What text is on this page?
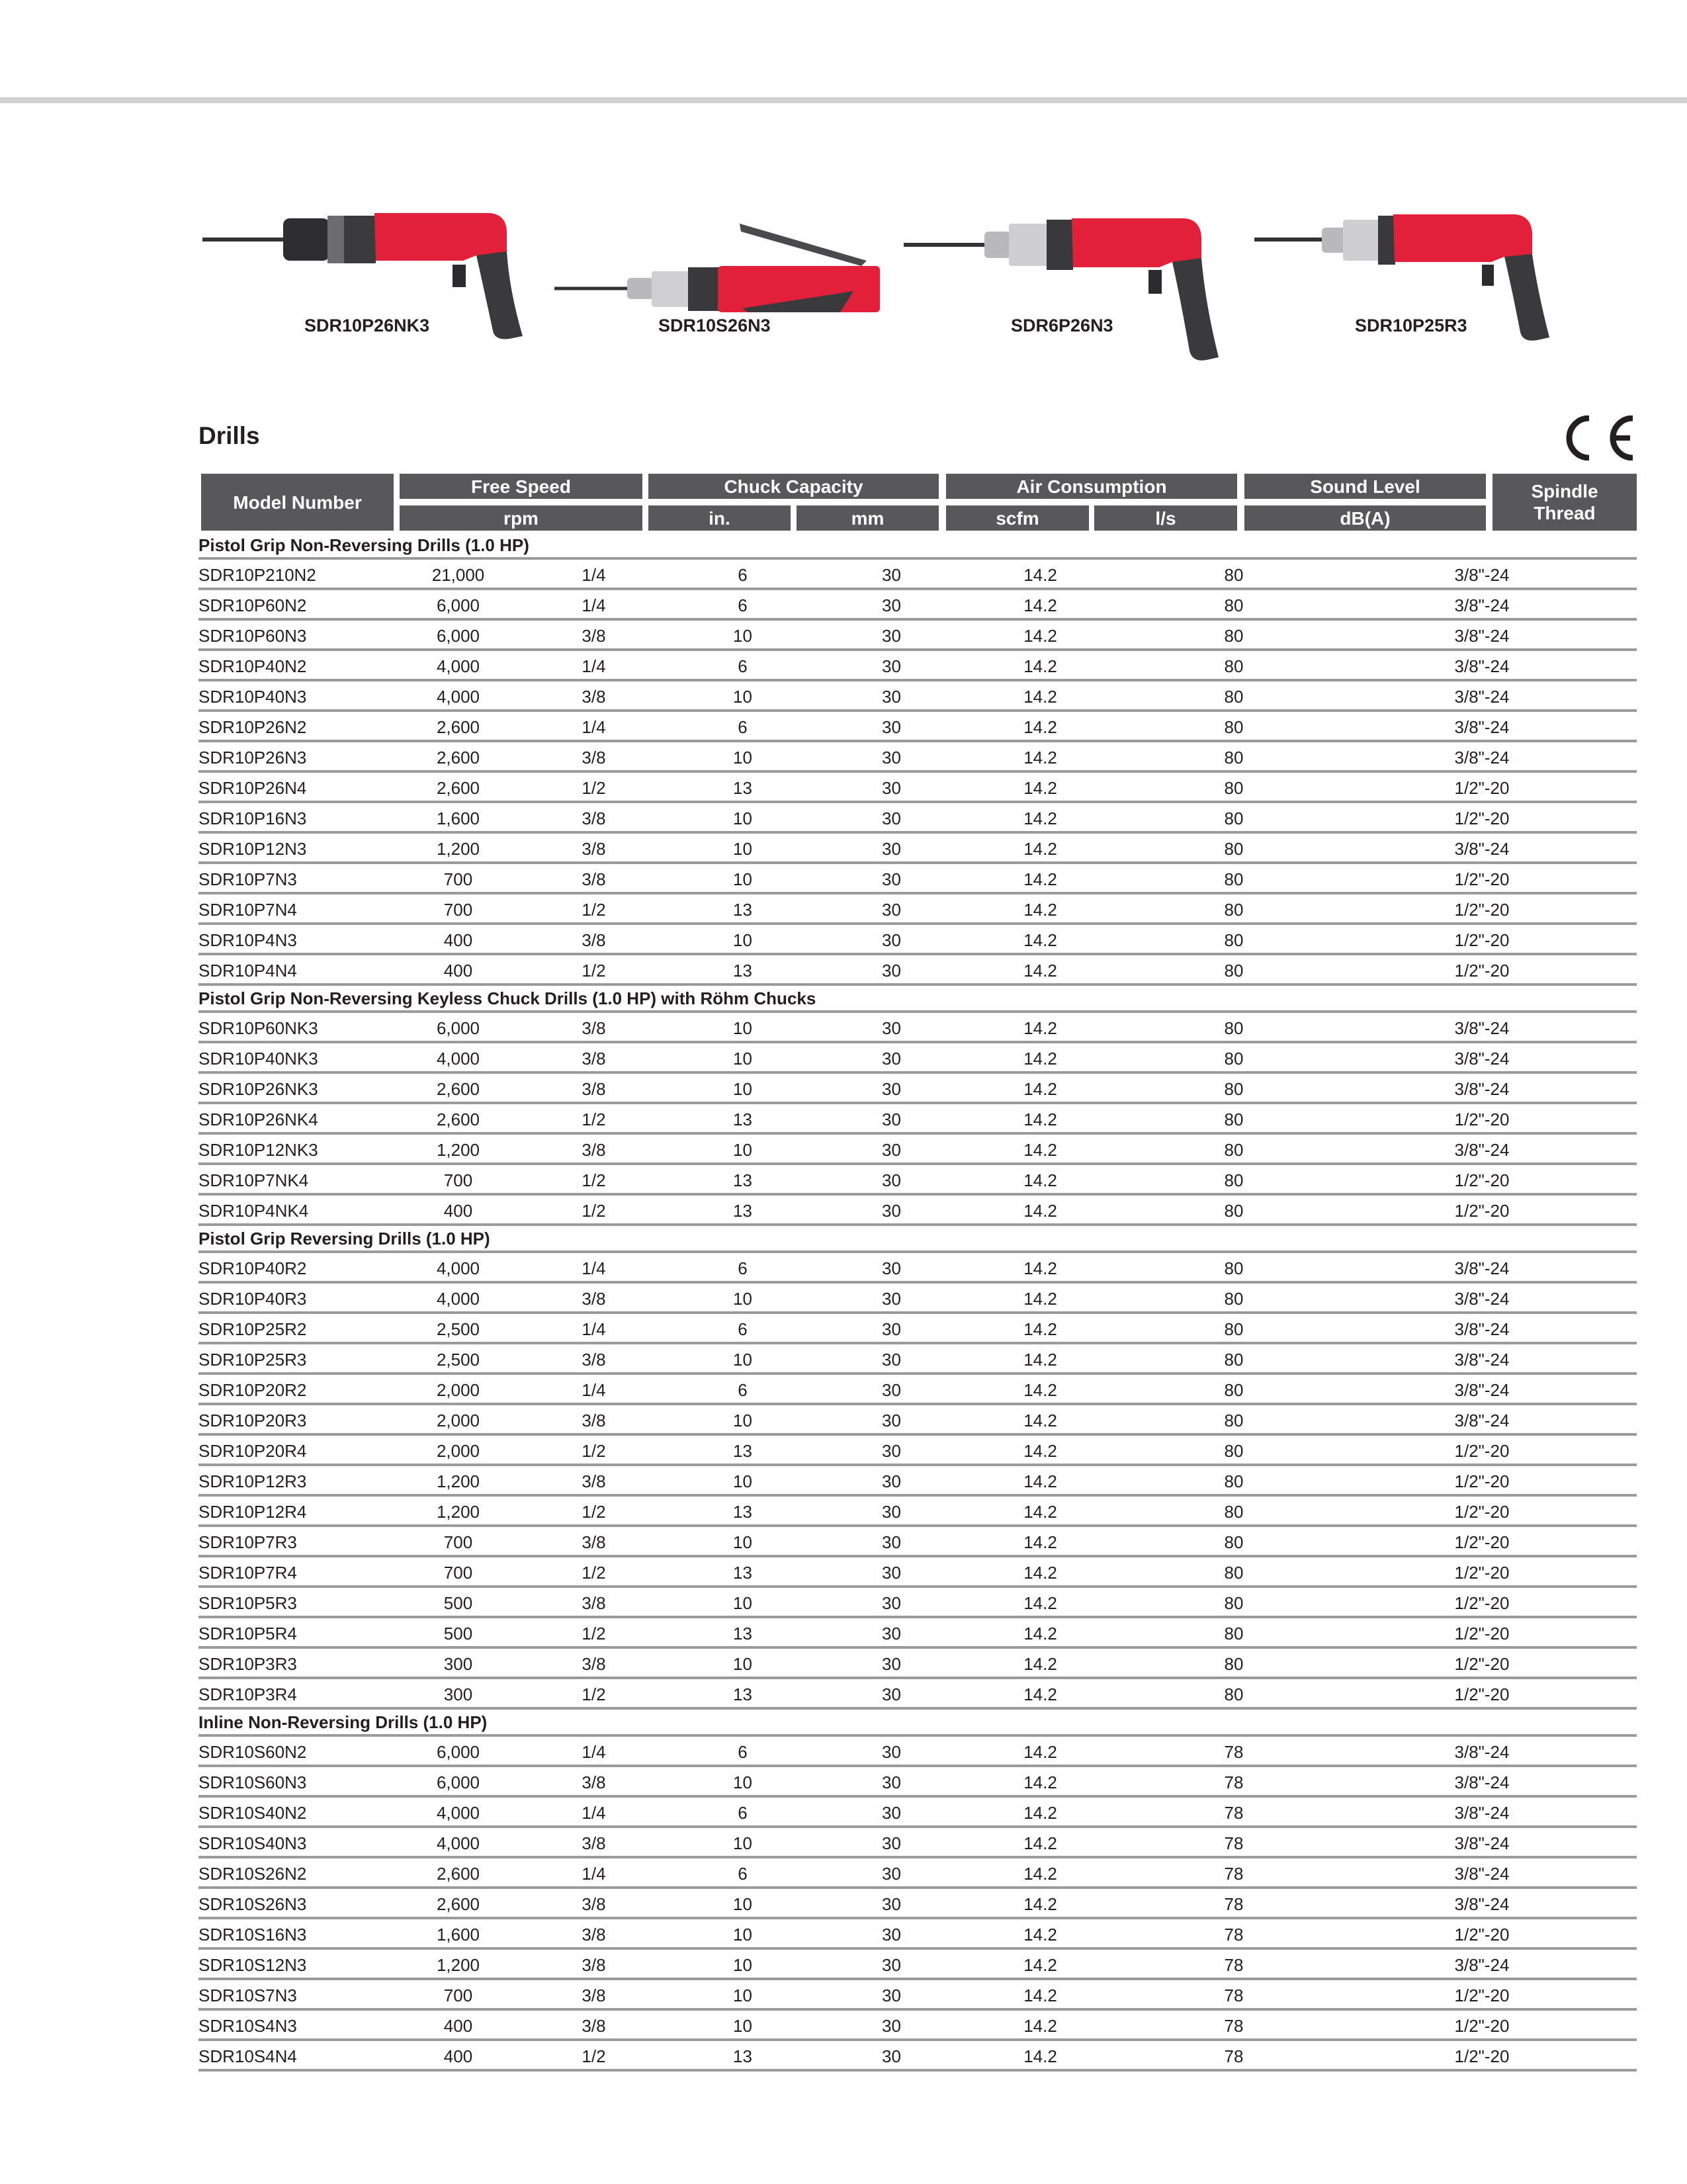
SDR10P26NK3	SDR10S26N3	SDR6P26N3	SDR10P25R3
Drills
Model Number
Free Speed
rpm
Chuck Capacity
in.	mm
Air Consumption
scfm	l/s
Sound Level
dB(A)
Spindle
Thread
Pistol Grip Non-Reversing Drills (1.0 HP)
SDR10P210N2	21,000	1/4	6	30	14.2	80	3/8"-24
SDR10P60N2	6,000	1/4	6	30	14.2	80	3/8"-24
SDR10P60N3	6,000	3/8	10	30	14.2	80	3/8"-24
SDR10P40N2	4,000	1/4	6	30	14.2	80	3/8"-24
SDR10P40N3	4,000	3/8	10	30	14.2	80	3/8"-24
SDR10P26N2	2,600	1/4	6	30	14.2	80	3/8"-24
SDR10P26N3	2,600	3/8	10	30	14.2	80	3/8"-24
SDR10P26N4	2,600	1/2	13	30	14.2	80	1/2"-20
SDR10P16N3	1,600	3/8	10	30	14.2	80	1/2"-20
SDR10P12N3	1,200	3/8	10	30	14.2	80	3/8"-24
SDR10P7N3	700	3/8	10	30	14.2	80	1/2"-20
SDR10P7N4	700	1/2	13	30	14.2	80	1/2"-20
SDR10P4N3	400	3/8	10	30	14.2	80	1/2"-20
SDR10P4N4	400	1/2	13	30	14.2	80	1/2"-20
Pistol Grip Non-Reversing Keyless Chuck Drills (1.0 HP) with Röhm Chucks
SDR10P60NK3	6,000	3/8	10	30	14.2	80	3/8"-24
SDR10P40NK3	4,000	3/8	10	30	14.2	80	3/8"-24
SDR10P26NK3	2,600	3/8	10	30	14.2	80	3/8"-24
SDR10P26NK4	2,600	1/2	13	30	14.2	80	1/2"-20
SDR10P12NK3	1,200	3/8	10	30	14.2	80	3/8"-24
SDR10P7NK4	700	1/2	13	30	14.2	80	1/2"-20
SDR10P4NK4	400	1/2	13	30	14.2	80	1/2"-20
Pistol Grip Reversing Drills (1.0 HP)
SDR10P40R2	4,000	1/4	6	30	14.2	80	3/8"-24
SDR10P40R3	4,000	3/8	10	30	14.2	80	3/8"-24
SDR10P25R2	2,500	1/4	6	30	14.2	80	3/8"-24
SDR10P25R3	2,500	3/8	10	30	14.2	80	3/8"-24
SDR10P20R2	2,000	1/4	6	30	14.2	80	3/8"-24
SDR10P20R3	2,000	3/8	10	30	14.2	80	3/8"-24
SDR10P20R4	2,000	1/2	13	30	14.2	80	1/2"-20
SDR10P12R3	1,200	3/8	10	30	14.2	80	1/2"-20
SDR10P12R4	1,200	1/2	13	30	14.2	80	1/2"-20
SDR10P7R3	700	3/8	10	30	14.2	80	1/2"-20
SDR10P7R4	700	1/2	13	30	14.2	80	1/2"-20
SDR10P5R3	500	3/8	10	30	14.2	80	1/2"-20
SDR10P5R4	500	1/2	13	30	14.2	80	1/2"-20
SDR10P3R3	300	3/8	10	30	14.2	80	1/2"-20
SDR10P3R4	300	1/2	13	30	14.2	80	1/2"-20
Inline Non-Reversing Drills (1.0 HP)
SDR10S60N2	6,000	1/4	6	30	14.2	78	3/8"-24
SDR10S60N3	6,000	3/8	10	30	14.2	78	3/8"-24
SDR10S40N2	4,000	1/4	6	30	14.2	78	3/8"-24
SDR10S40N3	4,000	3/8	10	30	14.2	78	3/8"-24
SDR10S26N2	2,600	1/4	6	30	14.2	78	3/8"-24
SDR10S26N3	2,600	3/8	10	30	14.2	78	3/8"-24
SDR10S16N3	1,600	3/8	10	30	14.2	78	1/2"-20
SDR10S12N3	1,200	3/8	10	30	14.2	78	3/8"-24
SDR10S7N3	700	3/8	10	30	14.2	78	1/2"-20
SDR10S4N3	400	3/8	10	30	14.2	78	1/2"-20
SDR10S4N4	400	1/2	13	30	14.2	78	1/2"-20
